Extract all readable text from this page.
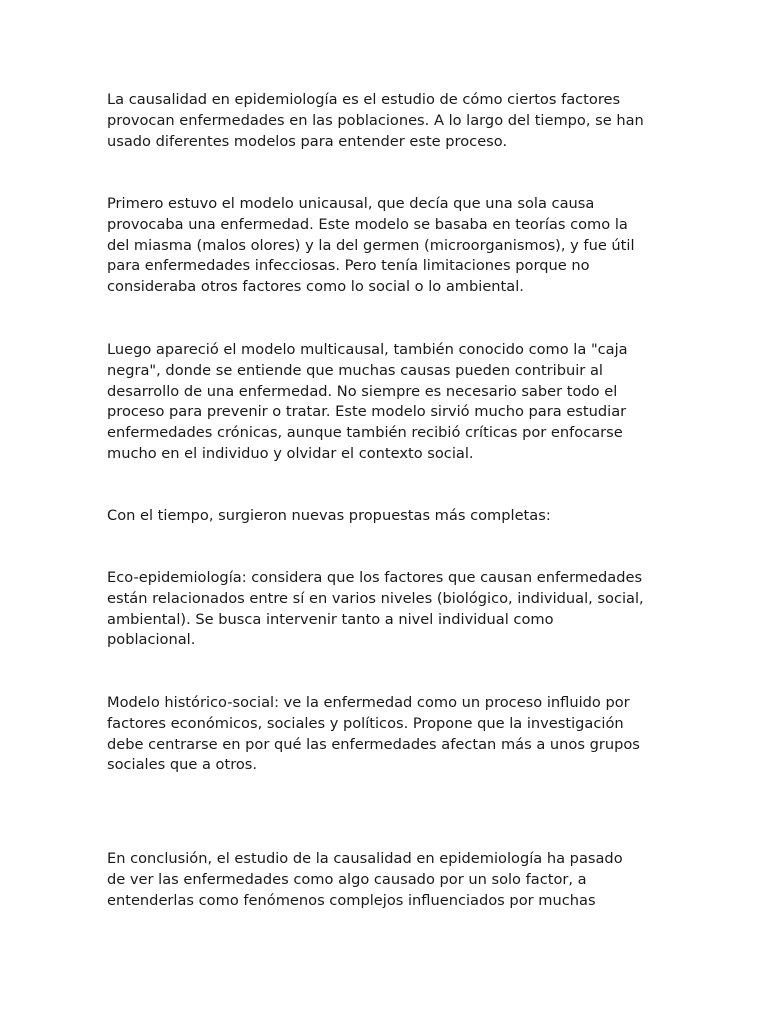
La causalidad en epidemiología es el estudio de cómo ciertos factores
provocan enfermedades en las poblaciones. A lo largo del tiempo, se han
usado diferentes modelos para entender este proceso.

Primero estuvo el modelo unicausal, que decía que una sola causa
provocaba una enfermedad. Este modelo se basaba en teorías como la
del miasma (malos olores) y la del germen (microorganismos), y fue útil
para enfermedades infecciosas. Pero tenía limitaciones porque no
consideraba otros factores como lo social o lo ambiental.

Luego apareció el modelo multicausal, también conocido como la "caja
negra", donde se entiende que muchas causas pueden contribuir al
desarrollo de una enfermedad. No siempre es necesario saber todo el
proceso para prevenir o tratar. Este modelo sirvió mucho para estudiar
enfermedades crónicas, aunque también recibió críticas por enfocarse
mucho en el individuo y olvidar el contexto social.

Con el tiempo, surgieron nuevas propuestas más completas:

Eco-epidemiología: considera que los factores que causan enfermedades
están relacionados entre sí en varios niveles (biológico, individual, social,
ambiental). Se busca intervenir tanto a nivel individual como
poblacional.

Modelo histórico-social: ve la enfermedad como un proceso influido por
factores económicos, sociales y políticos. Propone que la investigación
debe centrarse en por qué las enfermedades afectan más a unos grupos
sociales que a otros.

En conclusión, el estudio de la causalidad en epidemiología ha pasado
de ver las enfermedades como algo causado por un solo factor, a
entenderlas como fenómenos complejos influenciados por muchas
